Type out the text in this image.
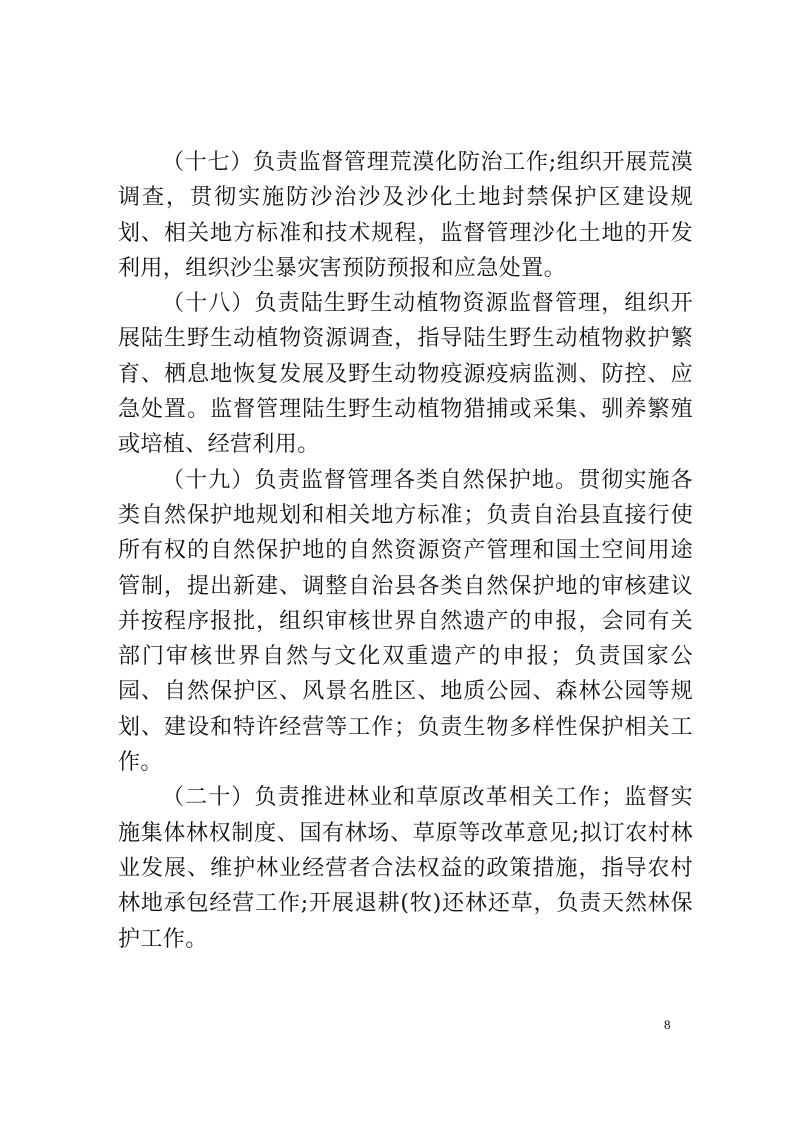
（十七）负责监督管理荒漠化防治工作;组织开展荒漠调查，贯彻实施防沙治沙及沙化土地封禁保护区建设规划、相关地方标准和技术规程，监督管理沙化土地的开发利用，组织沙尘暴灾害预防预报和应急处置。

（十八）负责陆生野生动植物资源监督管理，组织开展陆生野生动植物资源调查，指导陆生野生动植物救护繁育、栖息地恢复发展及野生动物疫源疫病监测、防控、应急处置。监督管理陆生野生动植物猎捕或采集、驯养繁殖或培植、经营利用。

（十九）负责监督管理各类自然保护地。贯彻实施各类自然保护地规划和相关地方标准；负责自治县直接行使所有权的自然保护地的自然资源资产管理和国土空间用途管制，提出新建、调整自治县各类自然保护地的审核建议并按程序报批，组织审核世界自然遗产的申报，会同有关部门审核世界自然与文化双重遗产的申报；负责国家公园、自然保护区、风景名胜区、地质公园、森林公园等规划、建设和特许经营等工作；负责生物多样性保护相关工作。

（二十）负责推进林业和草原改革相关工作；监督实施集体林权制度、国有林场、草原等改革意见;拟订农村林业发展、维护林业经营者合法权益的政策措施，指导农村林地承包经营工作;开展退耕(牧)还林还草，负责天然林保护工作。

8
